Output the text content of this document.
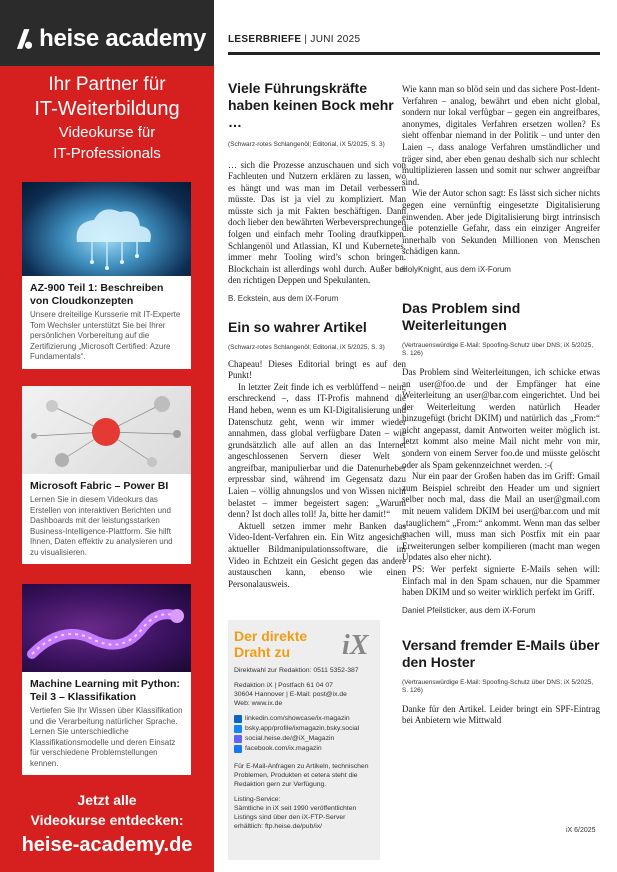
heise academy
Ihr Partner für
IT-Weiterbildung
Videokurse für
IT-Professionals
AZ-900 Teil 1: Beschreiben von Cloudkonzepten
Unsere dreiteilige Kursserie mit IT-Experte Tom Wechsler unterstützt Sie bei Ihrer persönlichen Vorbereitung auf die Zertifizierung „Microsoft Certified: Azure Fundamentals“.
Microsoft Fabric – Power BI
Lernen Sie in diesem Videokurs das Erstellen von interaktiven Berichten und Dashboards mit der leistungsstarken Business-Intelligence-Plattform. Sie hilft Ihnen, Daten effektiv zu analysieren und zu visualisieren.
Machine Learning mit Python: Teil 3 – Klassifikation
Vertiefen Sie Ihr Wissen über Klassifikation und die Verarbeitung natürlicher Sprache. Lernen Sie unterschiedliche Klassifikationsmodelle und deren Einsatz für verschiedene Problemstellungen kennen.
Jetzt alle
Videokurse entdecken:
heise-academy.de
LESERBRIEFE | JUNI 2025
Viele Führungskräfte haben keinen Bock mehr …
(Schwarz-rotes Schlangenöl; Editorial, iX 5/2025, S. 3)

… sich die Prozesse anzuschauen und sich von Fachleuten und Nutzern erklären zu lassen, wo es hängt und was man im Detail verbessern müsste. Das ist ja viel zu kompliziert. Man müsste sich ja mit Fakten beschäftigen. Dann doch lieber den bewährten Werbeversprechungen folgen und einfach mehr Tooling draufkippen. Schlangenöl und Atlassian, KI und Kubernetes, immer mehr Tooling wird’s schon bringen. Blockchain ist allerdings wohl durch. Außer bei den richtigen Deppen und Spekulanten.

B. Eckstein, aus dem iX-Forum
Ein so wahrer Artikel
(Schwarz-rotes Schlangenöl; Editorial, iX 5/2025, S. 3)

Chapeau! Dieses Editorial bringt es auf den Punkt!

In letzter Zeit finde ich es verblüffend – nein, erschreckend –, dass IT-Profis mahnend die Hand heben, wenn es um KI-Digitalisierung und Datenschutz geht, wenn wir immer wieder annahmen, dass global verfügbare Daten – wie grundsätzlich alle auf allen an das Internet angeschlossenen Servern dieser Welt – angreifbar, manipulierbar und die Datenurheber erpressbar sind, während im Gegensatz dazu Laien – völlig ahnungslos und von Wissen nicht belastet – immer begeistert sagen: „Warum denn? Ist doch alles toll! Ja, bitte her damit!“

Aktuell setzen immer mehr Banken das Video-Ident-Verfahren ein. Ein Witz angesichts aktueller Bildmanipulationssoftware, die im Video in Echtzeit ein Gesicht gegen das andere austauschen kann, ebenso wie einen Personalausweis.

Der direkte
Draht zu	iX
Direktwahl zur Redaktion: 0511 5352-387
Redaktion iX | Postfach 61 04 07
30604 Hannover | E-Mail: post@ix.de
Web: www.ix.de
linkedin.com/showcase/ix-magazin
bsky.app/profile/ixmagazin.bsky.social
social.heise.de/@iX_Magazin
facebook.com/ix.magazin
Für E-Mail-Anfragen zu Artikeln, technischen Problemen, Produkten et cetera steht die Redaktion gern zur Verfügung.
Listing-Service:
Sämtliche in iX seit 1990 veröffentlichten Listings sind über den iX-FTP-Server erhältlich: ftp.heise.de/pub/ix/

Wie kann man so blöd sein und das sichere Post-Ident-Verfahren – analog, bewährt und eben nicht global, sondern nur lokal verfügbar – gegen ein angreifbares, anonymes, digitales Verfahren ersetzen wollen? Es sieht offenbar niemand in der Politik – und unter den Laien –, dass analoge Verfahren umständlicher und träger sind, aber eben genau deshalb sich nur schlecht multiplizieren lassen und somit nur schwer angreifbar sind.

Wie der Autor schon sagt: Es lässt sich sicher nichts gegen eine vernünftig eingesetzte Digitalisierung einwenden. Aber jede Digitalisierung birgt intrinsisch die potenzielle Gefahr, dass ein einziger Angreifer innerhalb von Sekunden Millionen von Menschen schädigen kann.

HolyKnight, aus dem iX-Forum
Das Problem sind Weiterleitungen
(Vertrauenswürdige E-Mail: Spoofing-Schutz über DNS; iX 5/2025, S. 126)

Das Problem sind Weiterleitungen, ich schicke etwas an user@foo.de und der Empfänger hat eine Weiterleitung an user@bar.com eingerichtet. Und bei der Weiterleitung werden natürlich Header hinzugefügt (bricht DKIM) und natürlich das „From:“ nicht angepasst, damit Antworten weiter möglich ist. Jetzt kommt also meine Mail nicht mehr von mir, sondern von einem Server foo.de und müsste gelöscht oder als Spam gekennzeichnet werden. :-(

Nur ein paar der Großen haben das im Griff: Gmail zum Beispiel schreibt den Header um und signiert selber noch mal, dass die Mail an user@gmail.com mit neuem validem DKIM bei user@bar.com und mit „tauglichem“ „From:“ ankommt. Wenn man das selber machen will, muss man sich Postfix mit ein paar Erweiterungen selber kompilieren (macht man wegen Updates also eher nicht).

PS: Wer perfekt signierte E-Mails sehen will: Einfach mal in den Spam schauen, nur die Spammer haben DKIM und so weiter wirklich perfekt im Griff.

Daniel Pfeilsticker, aus dem iX-Forum
Versand fremder E-Mails über den Hoster
(Vertrauenswürdige E-Mail: Spoofing-Schutz über DNS; iX 5/2025, S. 126)

Danke für den Artikel. Leider bringt ein SPF-Eintrag bei Anbietern wie Mittwald

iX 6/2025
